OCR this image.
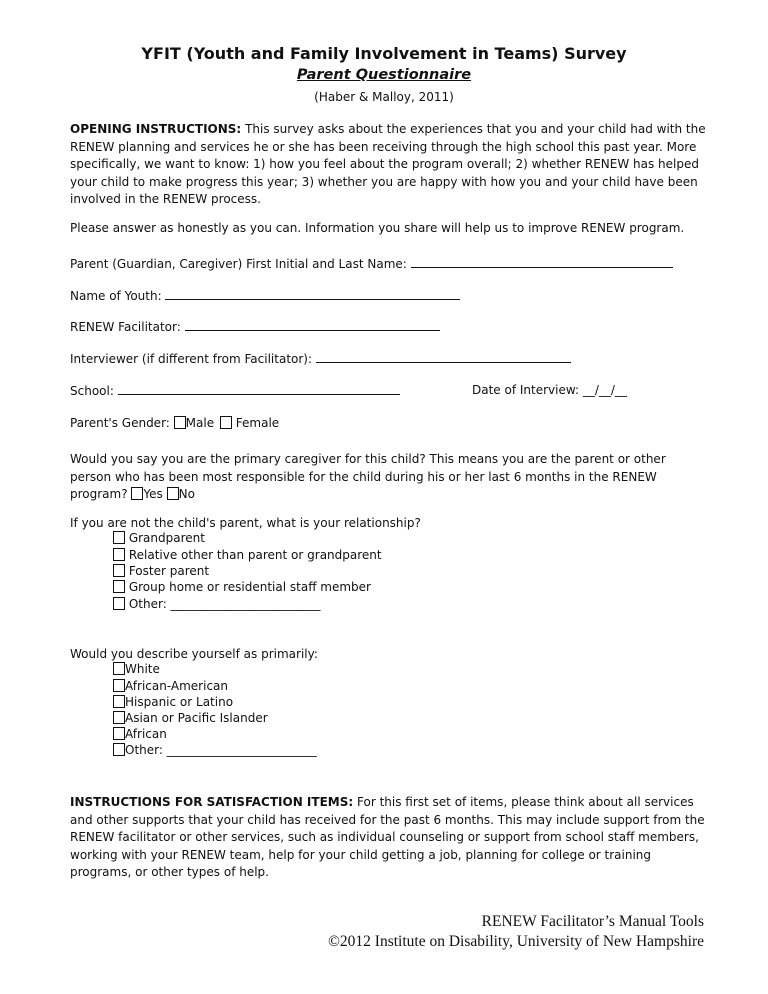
YFIT (Youth and Family Involvement in Teams) Survey
Parent Questionnaire
(Haber & Malloy, 2011)
OPENING INSTRUCTIONS: This survey asks about the experiences that you and your child had with the RENEW planning and services he or she has been receiving through the high school this past year. More specifically, we want to know: 1) how you feel about the program overall; 2) whether RENEW has helped your child to make progress this year; 3) whether you are happy with how you and your child have been involved in the RENEW process.
Please answer as honestly as you can. Information you share will help us to improve RENEW program.
Parent (Guardian, Caregiver) First Initial and Last Name:
Name of Youth:
RENEW Facilitator:
Interviewer (if different from Facilitator):
School:	Date of Interview: __/__/__
Parent's Gender: Male Female
Would you say you are the primary caregiver for this child? This means you are the parent or other person who has been most responsible for the child during his or her last 6 months in the RENEW program? Yes No
If you are not the child's parent, what is your relationship?
Grandparent
Relative other than parent or grandparent
Foster parent
Group home or residential staff member
Other: _________________________
Would you describe yourself as primarily:
White
African-American
Hispanic or Latino
Asian or Pacific Islander
African
Other: _________________________
INSTRUCTIONS FOR SATISFACTION ITEMS: For this first set of items, please think about all services and other supports that your child has received for the past 6 months. This may include support from the RENEW facilitator or other services, such as individual counseling or support from school staff members, working with your RENEW team, help for your child getting a job, planning for college or training programs, or other types of help.
RENEW Facilitator’s Manual Tools
©2012 Institute on Disability, University of New Hampshire
